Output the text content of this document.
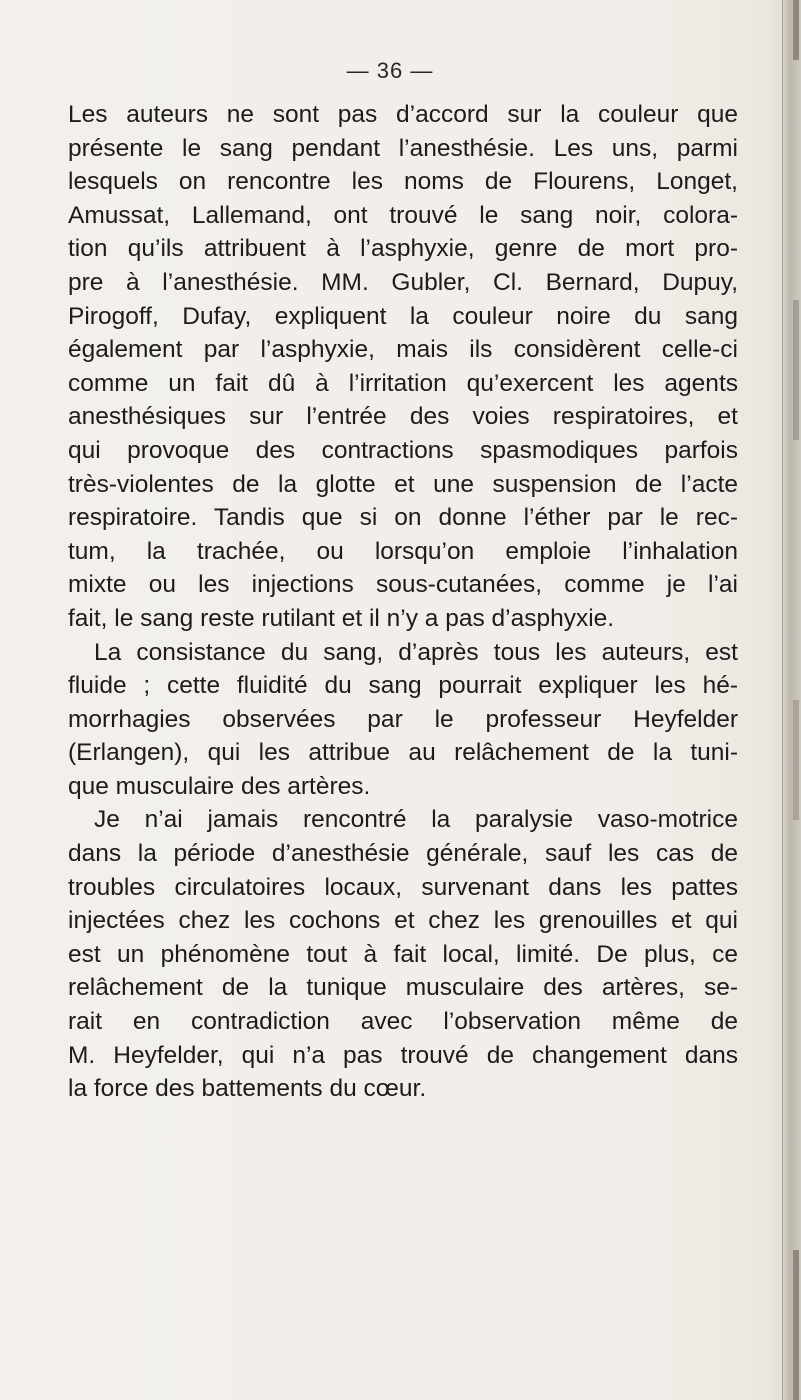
— 36 —
Les auteurs ne sont pas d’accord sur la couleur que
présente le sang pendant l’anesthésie. Les uns, parmi
lesquels on rencontre les noms de Flourens, Longet,
Amussat, Lallemand, ont trouvé le sang noir, colora-
tion qu’ils attribuent à l’asphyxie, genre de mort pro-
pre à l’anesthésie. MM. Gubler, Cl. Bernard, Dupuy,
Pirogoff, Dufay, expliquent la couleur noire du sang
également par l’asphyxie, mais ils considèrent celle-ci
comme un fait dû à l’irritation qu’exercent les agents
anesthésiques sur l’entrée des voies respiratoires, et
qui provoque des contractions spasmodiques parfois
très-violentes de la glotte et une suspension de l’acte
respiratoire. Tandis que si on donne l’éther par le rec-
tum, la trachée, ou lorsqu’on emploie l’inhalation
mixte ou les injections sous-cutanées, comme je l’ai
fait, le sang reste rutilant et il n’y a pas d’asphyxie.
La consistance du sang, d’après tous les auteurs, est
fluide ; cette fluidité du sang pourrait expliquer les hé-
morrhagies observées par le professeur Heyfelder
(Erlangen), qui les attribue au relâchement de la tuni-
que musculaire des artères.
Je n’ai jamais rencontré la paralysie vaso-motrice
dans la période d’anesthésie générale, sauf les cas de
troubles circulatoires locaux, survenant dans les pattes
injectées chez les cochons et chez les grenouilles et qui
est un phénomène tout à fait local, limité. De plus, ce
relâchement de la tunique musculaire des artères, se-
rait en contradiction avec l’observation même de
M. Heyfelder, qui n’a pas trouvé de changement dans
la force des battements du cœur.
